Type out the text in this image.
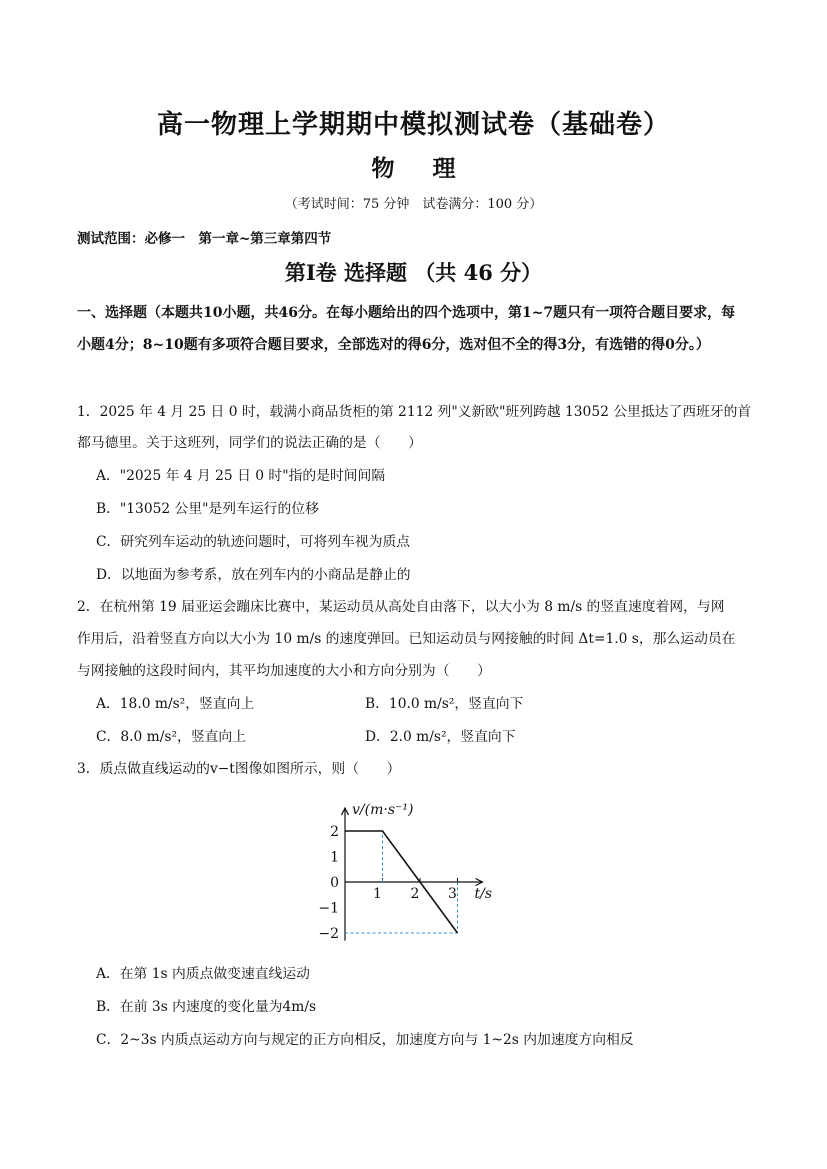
高一物理上学期期中模拟测试卷（基础卷）
物 理
（考试时间：75 分钟　试卷满分：100 分）
测试范围：必修一　第一章~第三章第四节
第Ⅰ卷 选择题 （共 46 分）
一、选择题（本题共10小题，共46分。在每小题给出的四个选项中，第1~7题只有一项符合题目要求，每小题4分；8~10题有多项符合题目要求，全部选对的得6分，选对但不全的得3分，有选错的得0分。）
1．2025 年 4 月 25 日 0 时，载满小商品货柜的第 2112 列"义新欧"班列跨越 13052 公里抵达了西班牙的首
都马德里。关于这班列，同学们的说法正确的是（　　）
A．"2025 年 4 月 25 日 0 时"指的是时间间隔
B．"13052 公里"是列车运行的位移
C．研究列车运动的轨迹问题时，可将列车视为质点
D．以地面为参考系，放在列车内的小商品是静止的
2．在杭州第 19 届亚运会蹦床比赛中，某运动员从高处自由落下，以大小为 8 m/s 的竖直速度着网，与网
作用后，沿着竖直方向以大小为 10 m/s 的速度弹回。已知运动员与网接触的时间 Δt=1.0 s，那么运动员在
与网接触的这段时间内，其平均加速度的大小和方向分别为（　　）
A．18.0 m/s²，竖直向上	B．10.0 m/s²，竖直向下
C．8.0 m/s²，竖直向上	D．2.0 m/s²，竖直向下
3．质点做直线运动的v−t图像如图所示，则（　　）
2
1
0
−1
−2
1 2 3
v/(m·s⁻¹)
t/s
A．在第 1s 内质点做变速直线运动
B．在前 3s 内速度的变化量为4m/s
C．2~3s 内质点运动方向与规定的正方向相反，加速度方向与 1~2s 内加速度方向相反
